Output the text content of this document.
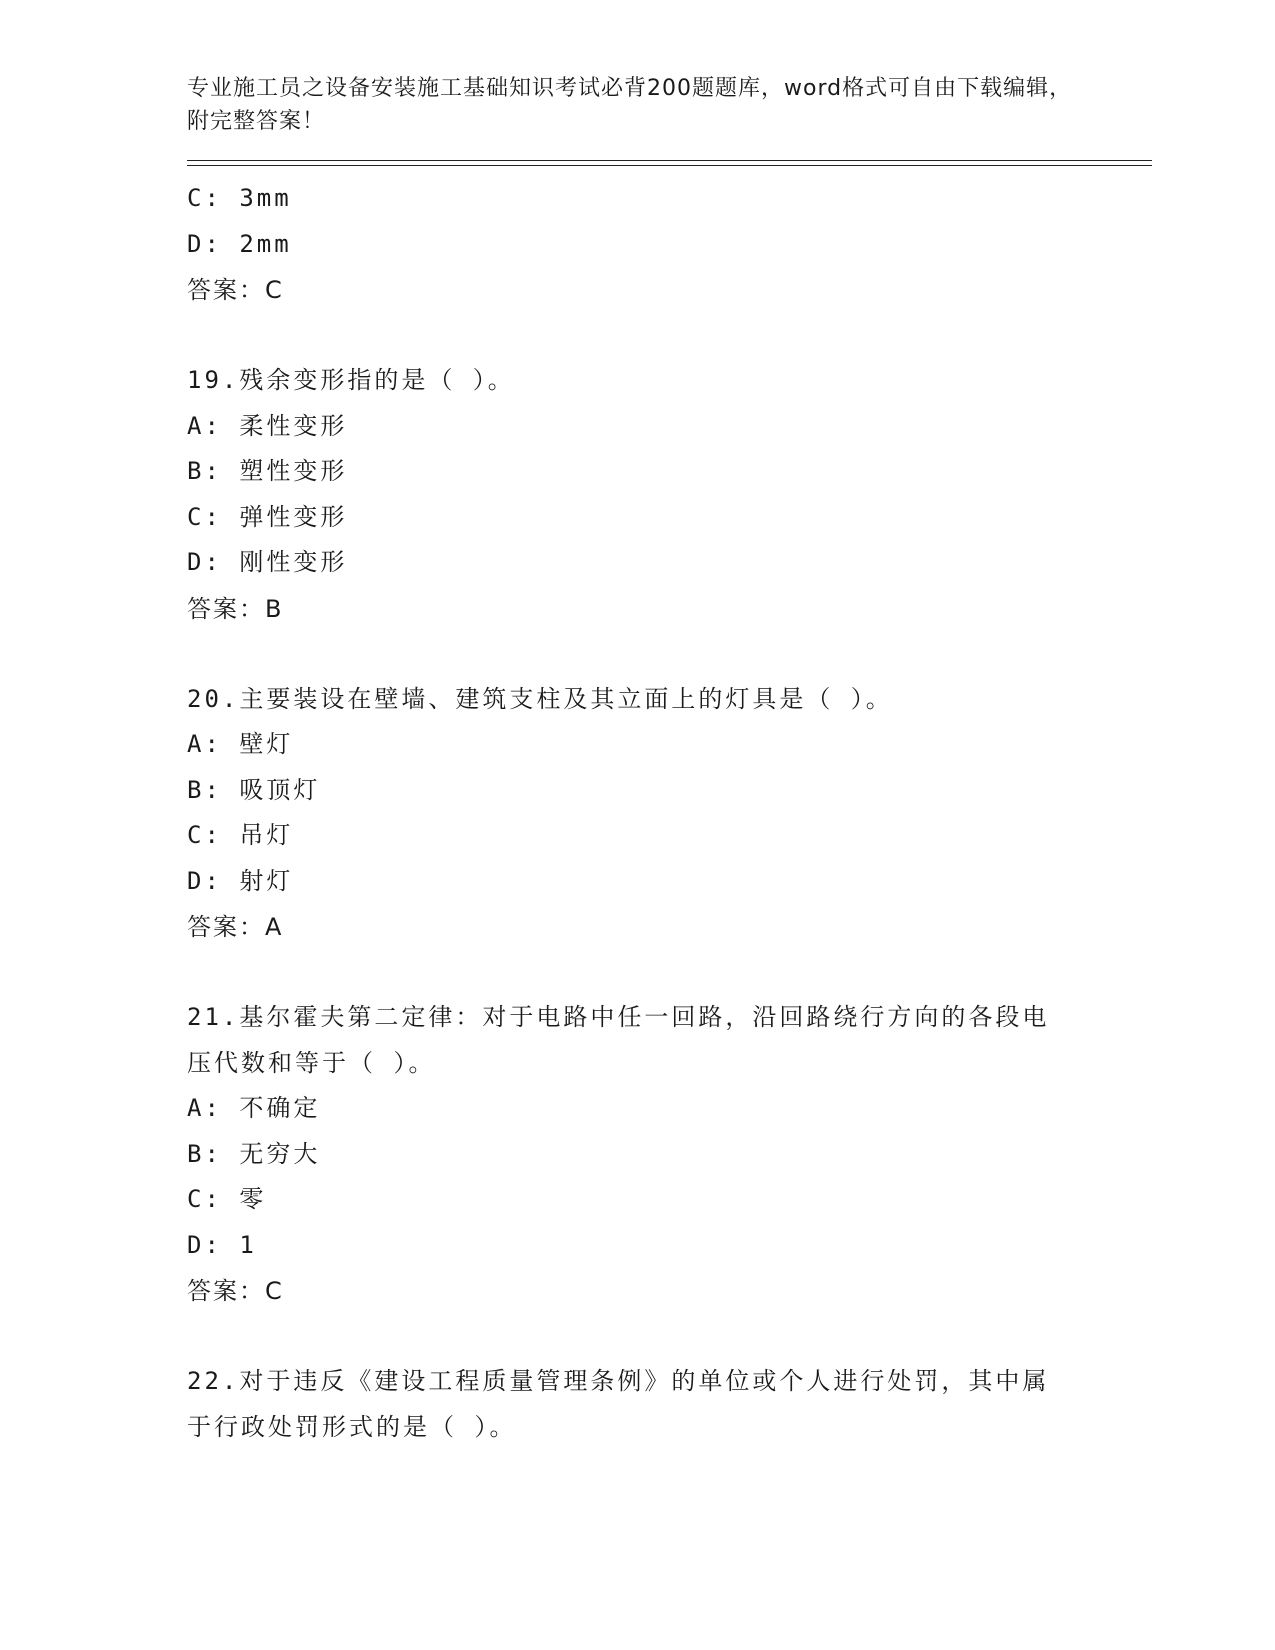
专业施工员之设备安装施工基础知识考试必背200题题库，word格式可自由下载编辑，附完整答案！
C: 3mm
D: 2mm
答案：C
19.残余变形指的是（ ）。
A: 柔性变形
B: 塑性变形
C: 弹性变形
D: 刚性变形
答案：B
20.主要装设在壁墙、建筑支柱及其立面上的灯具是（ ）。
A: 壁灯
B: 吸顶灯
C: 吊灯
D: 射灯
答案：A
21.基尔霍夫第二定律：对于电路中任一回路，沿回路绕行方向的各段电压代数和等于（ ）。
A: 不确定
B: 无穷大
C: 零
D: 1
答案：C
22.对于违反《建设工程质量管理条例》的单位或个人进行处罚，其中属于行政处罚形式的是（ ）。
